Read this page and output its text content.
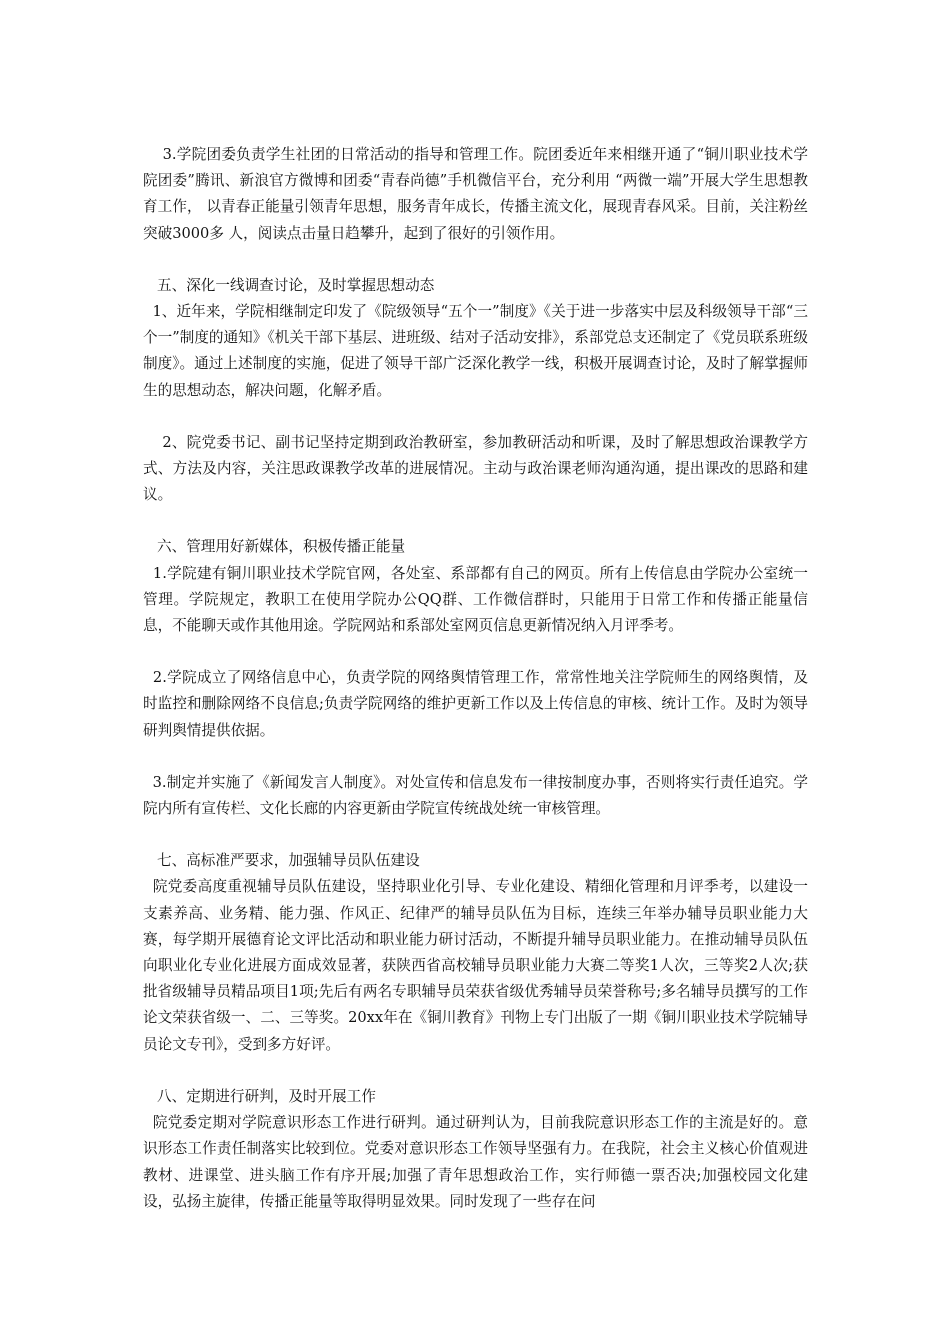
3.学院团委负责学生社团的日常活动的指导和管理工作。院团委近年来相继开通了“铜川职业技术学院团委”腾讯、新浪官方微博和团委“青春尚德”手机微信平台，充分利用 “两微一端”开展大学生思想教育工作， 以青春正能量引领青年思想，服务青年成长，传播主流文化，展现青春风采。目前，关注粉丝突破3000多 人，阅读点击量日趋攀升，起到了很好的引领作用。

五、深化一线调查讨论，及时掌握思想动态

1、近年来，学院相继制定印发了《院级领导“五个一”制度》《关于进一步落实中层及科级领导干部“三个一”制度的通知》《机关干部下基层、进班级、结对子活动安排》，系部党总支还制定了《党员联系班级制度》。通过上述制度的实施，促进了领导干部广泛深化教学一线，积极开展调查讨论，及时了解掌握师生的思想动态，解决问题，化解矛盾。

2、院党委书记、副书记坚持定期到政治教研室，参加教研活动和听课，及时了解思想政治课教学方式、方法及内容，关注思政课教学改革的进展情况。主动与政治课老师沟通沟通，提出课改的思路和建议。

六、管理用好新媒体，积极传播正能量

1.学院建有铜川职业技术学院官网，各处室、系部都有自己的网页。所有上传信息由学院办公室统一管理。学院规定，教职工在使用学院办公QQ群、工作微信群时，只能用于日常工作和传播正能量信息，不能聊天或作其他用途。学院网站和系部处室网页信息更新情况纳入月评季考。

2.学院成立了网络信息中心，负责学院的网络舆情管理工作，常常性地关注学院师生的网络舆情，及时监控和删除网络不良信息;负责学院网络的维护更新工作以及上传信息的审核、统计工作。及时为领导研判舆情提供依据。

3.制定并实施了《新闻发言人制度》。对处宣传和信息发布一律按制度办事，否则将实行责任追究。学院内所有宣传栏、文化长廊的内容更新由学院宣传统战处统一审核管理。

七、高标准严要求，加强辅导员队伍建设

院党委高度重视辅导员队伍建设，坚持职业化引导、专业化建设、精细化管理和月评季考，以建设一支素养高、业务精、能力强、作风正、纪律严的辅导员队伍为目标，连续三年举办辅导员职业能力大赛，每学期开展德育论文评比活动和职业能力研讨活动，不断提升辅导员职业能力。在推动辅导员队伍向职业化专业化进展方面成效显著，获陕西省高校辅导员职业能力大赛二等奖1人次，三等奖2人次;获批省级辅导员精品项目1项;先后有两名专职辅导员荣获省级优秀辅导员荣誉称号;多名辅导员撰写的工作论文荣获省级一、二、三等奖。20xx年在《铜川教育》刊物上专门出版了一期《铜川职业技术学院辅导员论文专刊》，受到多方好评。

八、定期进行研判，及时开展工作

院党委定期对学院意识形态工作进行研判。通过研判认为，目前我院意识形态工作的主流是好的。意识形态工作责任制落实比较到位。党委对意识形态工作领导坚强有力。在我院，社会主义核心价值观进教材、进课堂、进头脑工作有序开展;加强了青年思想政治工作，实行师德一票否决;加强校园文化建设，弘扬主旋律，传播正能量等取得明显效果。同时发现了一些存在问
